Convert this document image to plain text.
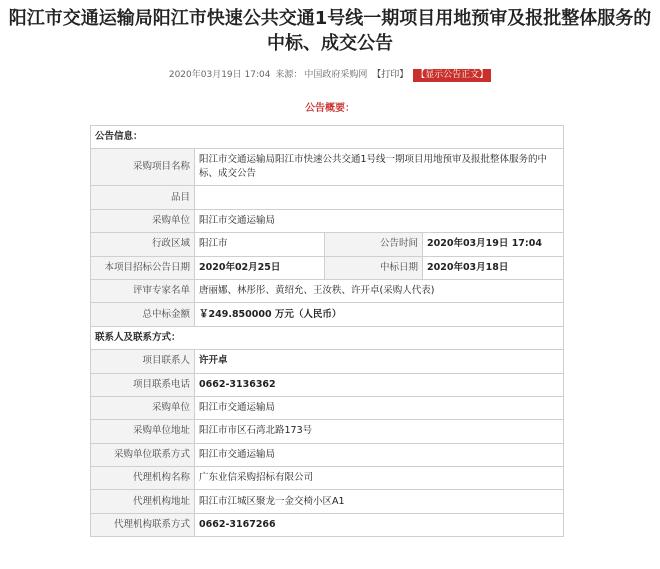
阳江市交通运输局阳江市快速公共交通1号线一期项目用地预审及报批整体服务的中标、成交公告
2020年03月19日 17:04 来源： 中国政府采购网 【打印】 【显示公告正文】
公告概要：
公告信息：			
采购项目名称	阳江市交通运输局阳江市快速公共交通1号线一期项目用地预审及报批整体服务的中标、成交公告		
品目			
采购单位	阳江市交通运输局		
行政区域	阳江市	公告时间	2020年03月19日 17:04
本项目招标公告日期	2020年02月25日	中标日期	2020年03月18日
评审专家名单	唐丽娜、林彤彤、黄绍允、王汝秩、许开卓(采购人代表)		
总中标金额	￥249.850000 万元（人民币）		
联系人及联系方式：			
项目联系人	许开卓		
项目联系电话	0662-3136362		
采购单位	阳江市交通运输局		
采购单位地址	阳江市市区石湾北路173号		
采购单位联系方式	阳江市交通运输局		
代理机构名称	广东业信采购招标有限公司		
代理机构地址	阳江市江城区聚龙一金交椅小区A1		
代理机构联系方式	0662-3167266		
